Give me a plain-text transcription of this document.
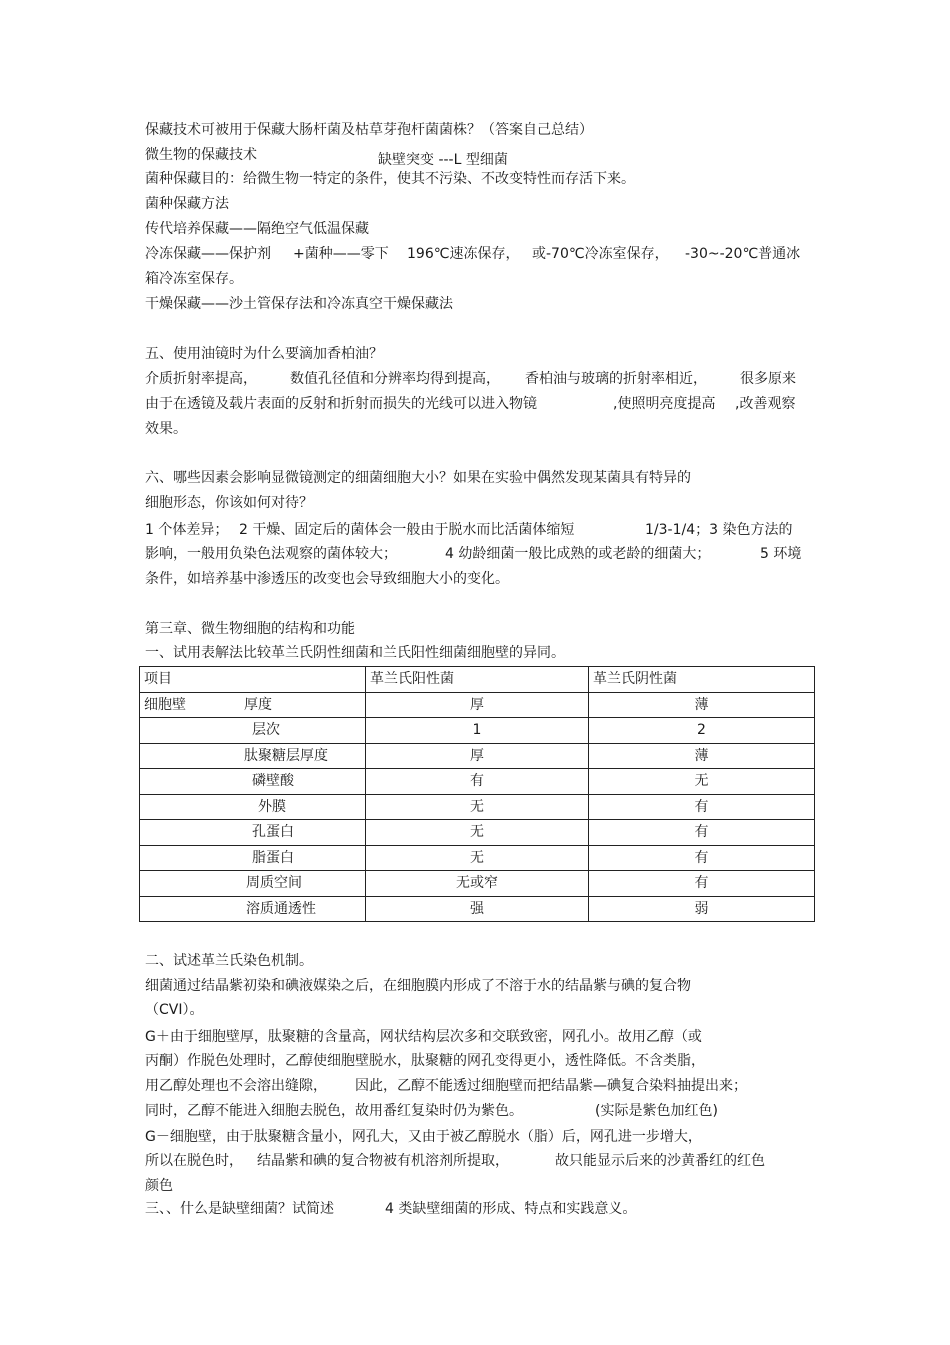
保藏技术可被用于保藏大肠杆菌及枯草芽孢杆菌菌株？（答案自己总结）
微生物的保藏技术	缺壁突变 ---L 型细菌
菌种保藏目的：给微生物一特定的条件，使其不污染、不改变特性而存活下来。
菌种保藏方法
传代培养保藏——隔绝空气低温保藏
冷冻保藏——保护剂 +菌种——零下 196℃速冻保存， 或-70℃冷冻室保存， -30~-20℃普通冰
箱冷冻室保存。
干燥保藏——沙土管保存法和冷冻真空干燥保藏法
五、使用油镜时为什么要滴加香柏油？
介质折射率提高， 数值孔径值和分辨率均得到提高， 香柏油与玻璃的折射率相近， 很多原来
由于在透镜及载片表面的反射和折射而损失的光线可以进入物镜	,使照明亮度提高 ,改善观察
效果。
六、哪些因素会影响显微镜测定的细菌细胞大小？如果在实验中偶然发现某菌具有特异的
细胞形态，你该如何对待？
1 个体差异； 2 干燥、固定后的菌体会一般由于脱水而比活菌体缩短	1/3-1/4；3 染色方法的
影响，一般用负染色法观察的菌体较大；	4 幼龄细菌一般比成熟的或老龄的细菌大；	5 环境
条件，如培养基中渗透压的改变也会导致细胞大小的变化。
第三章、微生物细胞的结构和功能
一、试用表解法比较革兰氏阴性细菌和兰氏阳性细菌细胞壁的异同。
项目	革兰氏阳性菌	革兰氏阴性菌
细胞壁 厚度	厚	薄
层次	1	2
肽聚糖层厚度	厚	薄
磷壁酸	有	无
外膜	无	有
孔蛋白	无	有
脂蛋白	无	有
周质空间	无或窄	有
溶质通透性	强	弱
二、试述革兰氏染色机制。
细菌通过结晶紫初染和碘液媒染之后，在细胞膜内形成了不溶于水的结晶紫与碘的复合物
（CVI）。
G＋由于细胞壁厚，肽聚糖的含量高，网状结构层次多和交联致密，网孔小。故用乙醇（或
丙酮）作脱色处理时，乙醇使细胞壁脱水，肽聚糖的网孔变得更小，透性降低。不含类脂，
用乙醇处理也不会溶出缝隙， 因此，乙醇不能透过细胞壁而把结晶紫—碘复合染料抽提出来；
同时，乙醇不能进入细胞去脱色，故用番红复染时仍为紫色。	(实际是紫色加红色)
G－细胞壁，由于肽聚糖含量小，网孔大，又由于被乙醇脱水（脂）后，网孔进一步增大，
所以在脱色时， 结晶紫和碘的复合物被有机溶剂所提取，	故只能显示后来的沙黄番红的红色
颜色
三、、什么是缺壁细菌？试简述	4 类缺壁细菌的形成、特点和实践意义。
